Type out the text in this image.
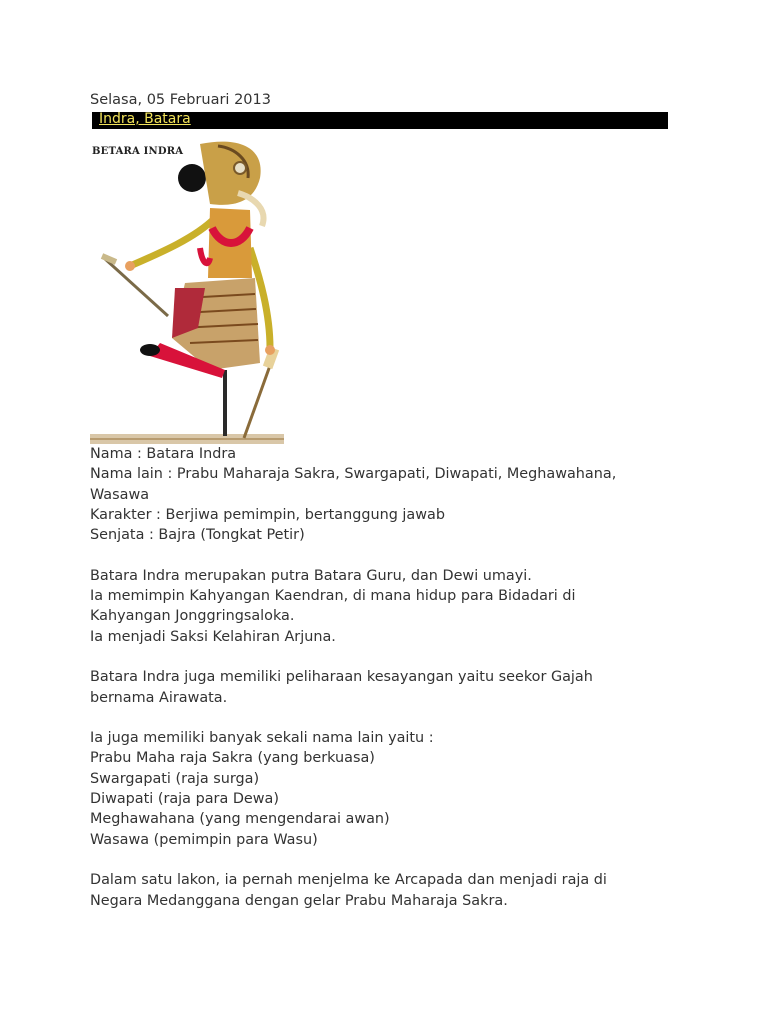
Selasa, 05 Februari 2013
Indra, Batara
BETARA INDRA

Nama : Batara Indra

Nama lain : Prabu Maharaja Sakra, Swargapati, Diwapati, Meghawahana,

Wasawa

Karakter : Berjiwa pemimpin, bertanggung jawab

Senjata : Bajra (Tongkat Petir)

Batara Indra merupakan putra Batara Guru, dan Dewi umayi.

Ia memimpin Kahyangan Kaendran, di mana hidup para Bidadari di

Kahyangan Jonggringsaloka.

Ia menjadi Saksi Kelahiran Arjuna.

Batara Indra juga memiliki peliharaan kesayangan yaitu seekor Gajah

bernama Airawata.

Ia juga memiliki banyak sekali nama lain yaitu :

Prabu Maha raja Sakra (yang berkuasa)

Swargapati (raja surga)

Diwapati (raja para Dewa)

Meghawahana (yang mengendarai awan)

Wasawa (pemimpin para Wasu)

Dalam satu lakon, ia pernah menjelma ke Arcapada dan menjadi raja di

Negara Medanggana dengan gelar Prabu Maharaja Sakra.
